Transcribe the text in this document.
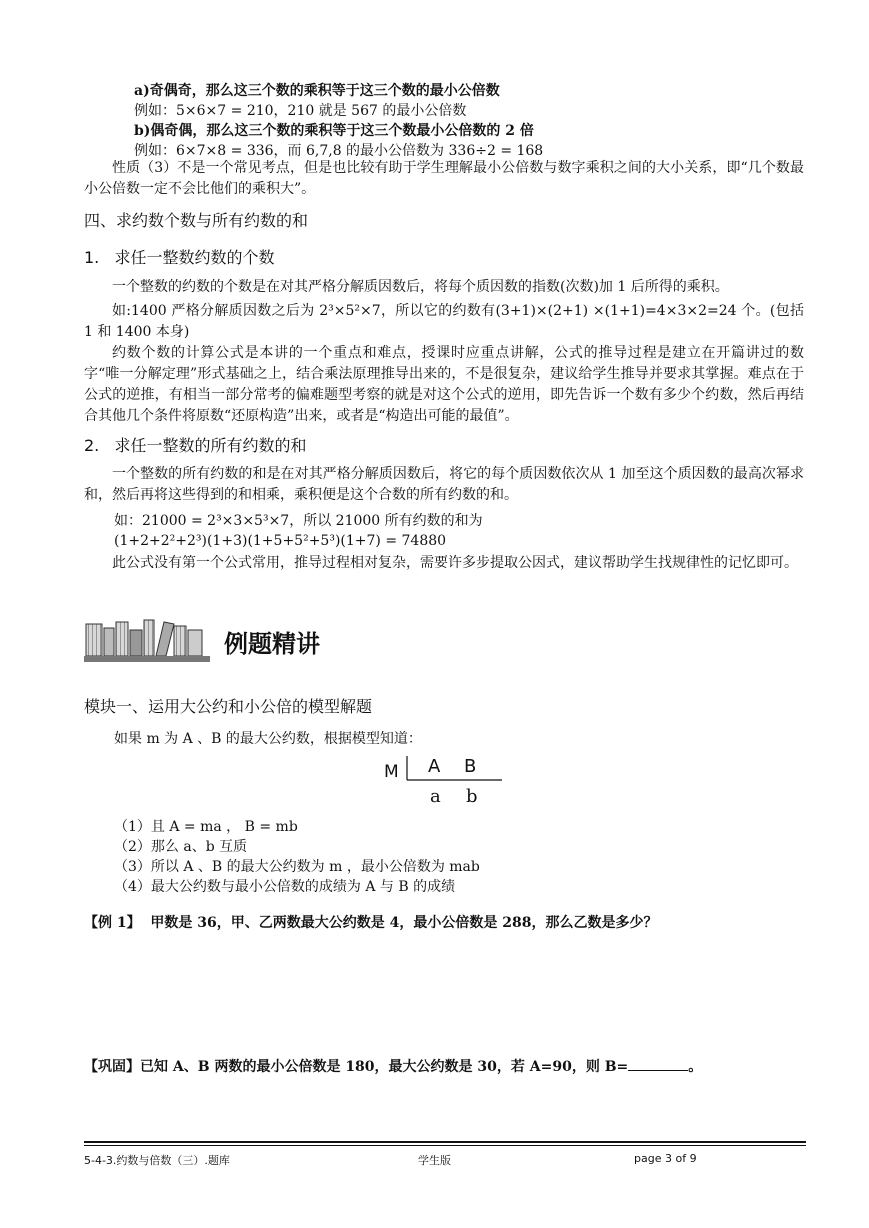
a)奇偶奇，那么这三个数的乘积等于这三个数的最小公倍数
例如：5×6×7 = 210，210 就是 567 的最小公倍数
b)偶奇偶，那么这三个数的乘积等于这三个数最小公倍数的 2 倍
例如：6×7×8 = 336，而 6,7,8 的最小公倍数为 336÷2 = 168
性质（3）不是一个常见考点，但是也比较有助于学生理解最小公倍数与数字乘积之间的大小关系，即“几个数最小公倍数一定不会比他们的乘积大”。
四、求约数个数与所有约数的和
1. 求任一整数约数的个数
一个整数的约数的个数是在对其严格分解质因数后，将每个质因数的指数(次数)加 1 后所得的乘积。
如:1400 严格分解质因数之后为 2³×5²×7，所以它的约数有(3+1)×(2+1) ×(1+1)=4×3×2=24 个。(包括 1 和 1400 本身)
约数个数的计算公式是本讲的一个重点和难点，授课时应重点讲解，公式的推导过程是建立在开篇讲过的数字“唯一分解定理”形式基础之上，结合乘法原理推导出来的，不是很复杂，建议给学生推导并要求其掌握。难点在于公式的逆推，有相当一部分常考的偏难题型考察的就是对这个公式的逆用，即先告诉一个数有多少个约数，然后再结合其他几个条件将原数“还原构造”出来，或者是“构造出可能的最值”。
2. 求任一整数的所有约数的和
一个整数的所有约数的和是在对其严格分解质因数后，将它的每个质因数依次从 1 加至这个质因数的最高次幂求和，然后再将这些得到的和相乘，乘积便是这个合数的所有约数的和。
如：21000 = 2³×3×5³×7，所以 21000 所有约数的和为
(1+2+2²+2³)(1+3)(1+5+5²+5³)(1+7) = 74880
此公式没有第一个公式常用，推导过程相对复杂，需要许多步提取公因式，建议帮助学生找规律性的记忆即可。
例题精讲
模块一、运用大公约和小公倍的模型解题
如果 m 为 A 、B 的最大公约数，根据模型知道：
M A B
a b
（1）且 A = ma ， B = mb
（2）那么 a、b 互质
（3）所以 A 、B 的最大公约数为 m ，最小公倍数为 mab
（4）最大公约数与最小公倍数的成绩为 A 与 B 的成绩
【例 1】 甲数是 36，甲、乙两数最大公约数是 4，最小公倍数是 288，那么乙数是多少？
【巩固】已知 A、B 两数的最小公倍数是 180，最大公约数是 30，若 A=90，则 B=	。
5-4-3.约数与倍数（三）.题库	学生版	page 3 of 9
